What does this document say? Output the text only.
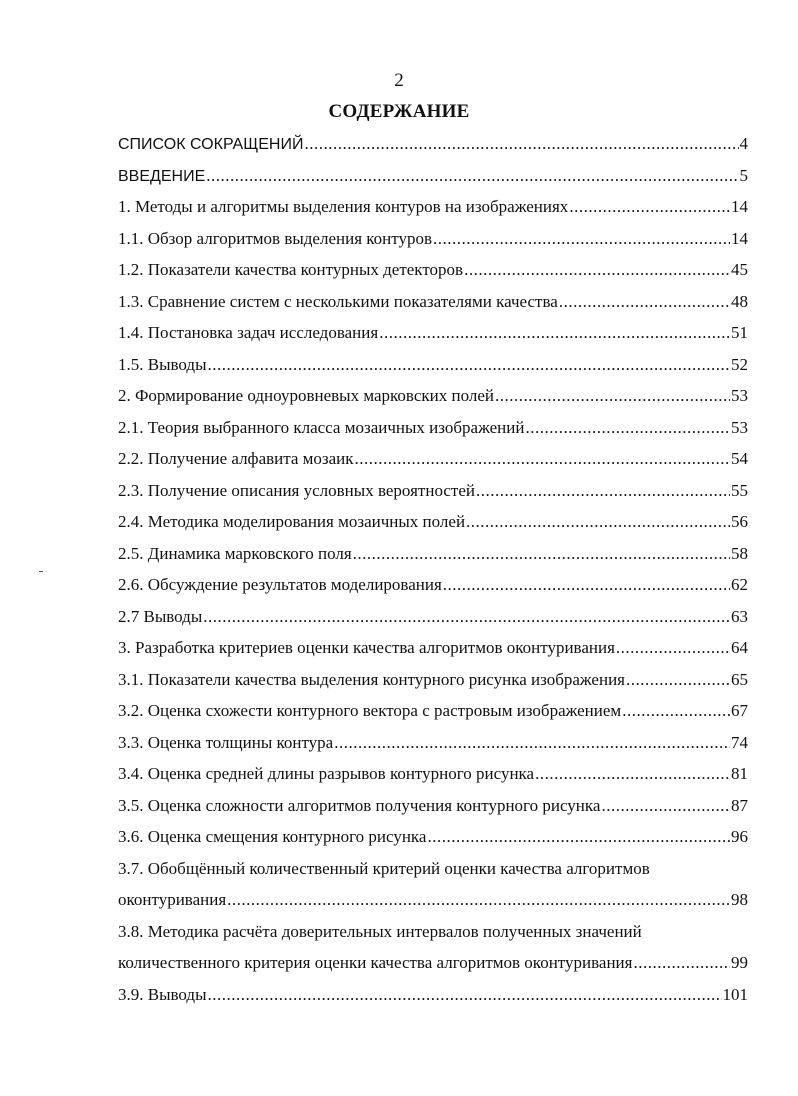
2
СОДЕРЖАНИЕ
СПИСОК СОКРАЩЕНИЙ .....	4
ВВЕДЕНИЕ .....	5
1. Методы и алгоритмы выделения контуров на изображениях .....	14
1.1. Обзор алгоритмов выделения контуров .....	14
1.2. Показатели качества контурных детекторов .....	45
1.3. Сравнение систем с несколькими показателями качества .....	48
1.4. Постановка задач исследования .....	51
1.5. Выводы .....	52
2. Формирование одноуровневых марковских полей .....	53
2.1. Теория выбранного класса мозаичных изображений .....	53
2.2. Получение алфавита мозаик .....	54
2.3. Получение описания условных вероятностей .....	55
2.4. Методика моделирования мозаичных полей .....	56
2.5. Динамика марковского поля .....	58
2.6. Обсуждение результатов моделирования .....	62
2.7 Выводы .....	63
3. Разработка критериев оценки качества алгоритмов оконтуривания .....	64
3.1. Показатели качества выделения контурного рисунка изображения .....	65
3.2. Оценка схожести контурного вектора с растровым изображением .....	67
3.3. Оценка толщины контура .....	74
3.4. Оценка средней длины разрывов контурного рисунка .....	81
3.5. Оценка сложности алгоритмов получения контурного рисунка .....	87
3.6. Оценка смещения контурного рисунка .....	96
3.7. Обобщённый количественный критерий оценки качества алгоритмов
оконтуривания .....	98
3.8. Методика расчёта доверительных интервалов полученных значений
количественного критерия оценки качества алгоритмов оконтуривания .....	99
3.9. Выводы .....	101
